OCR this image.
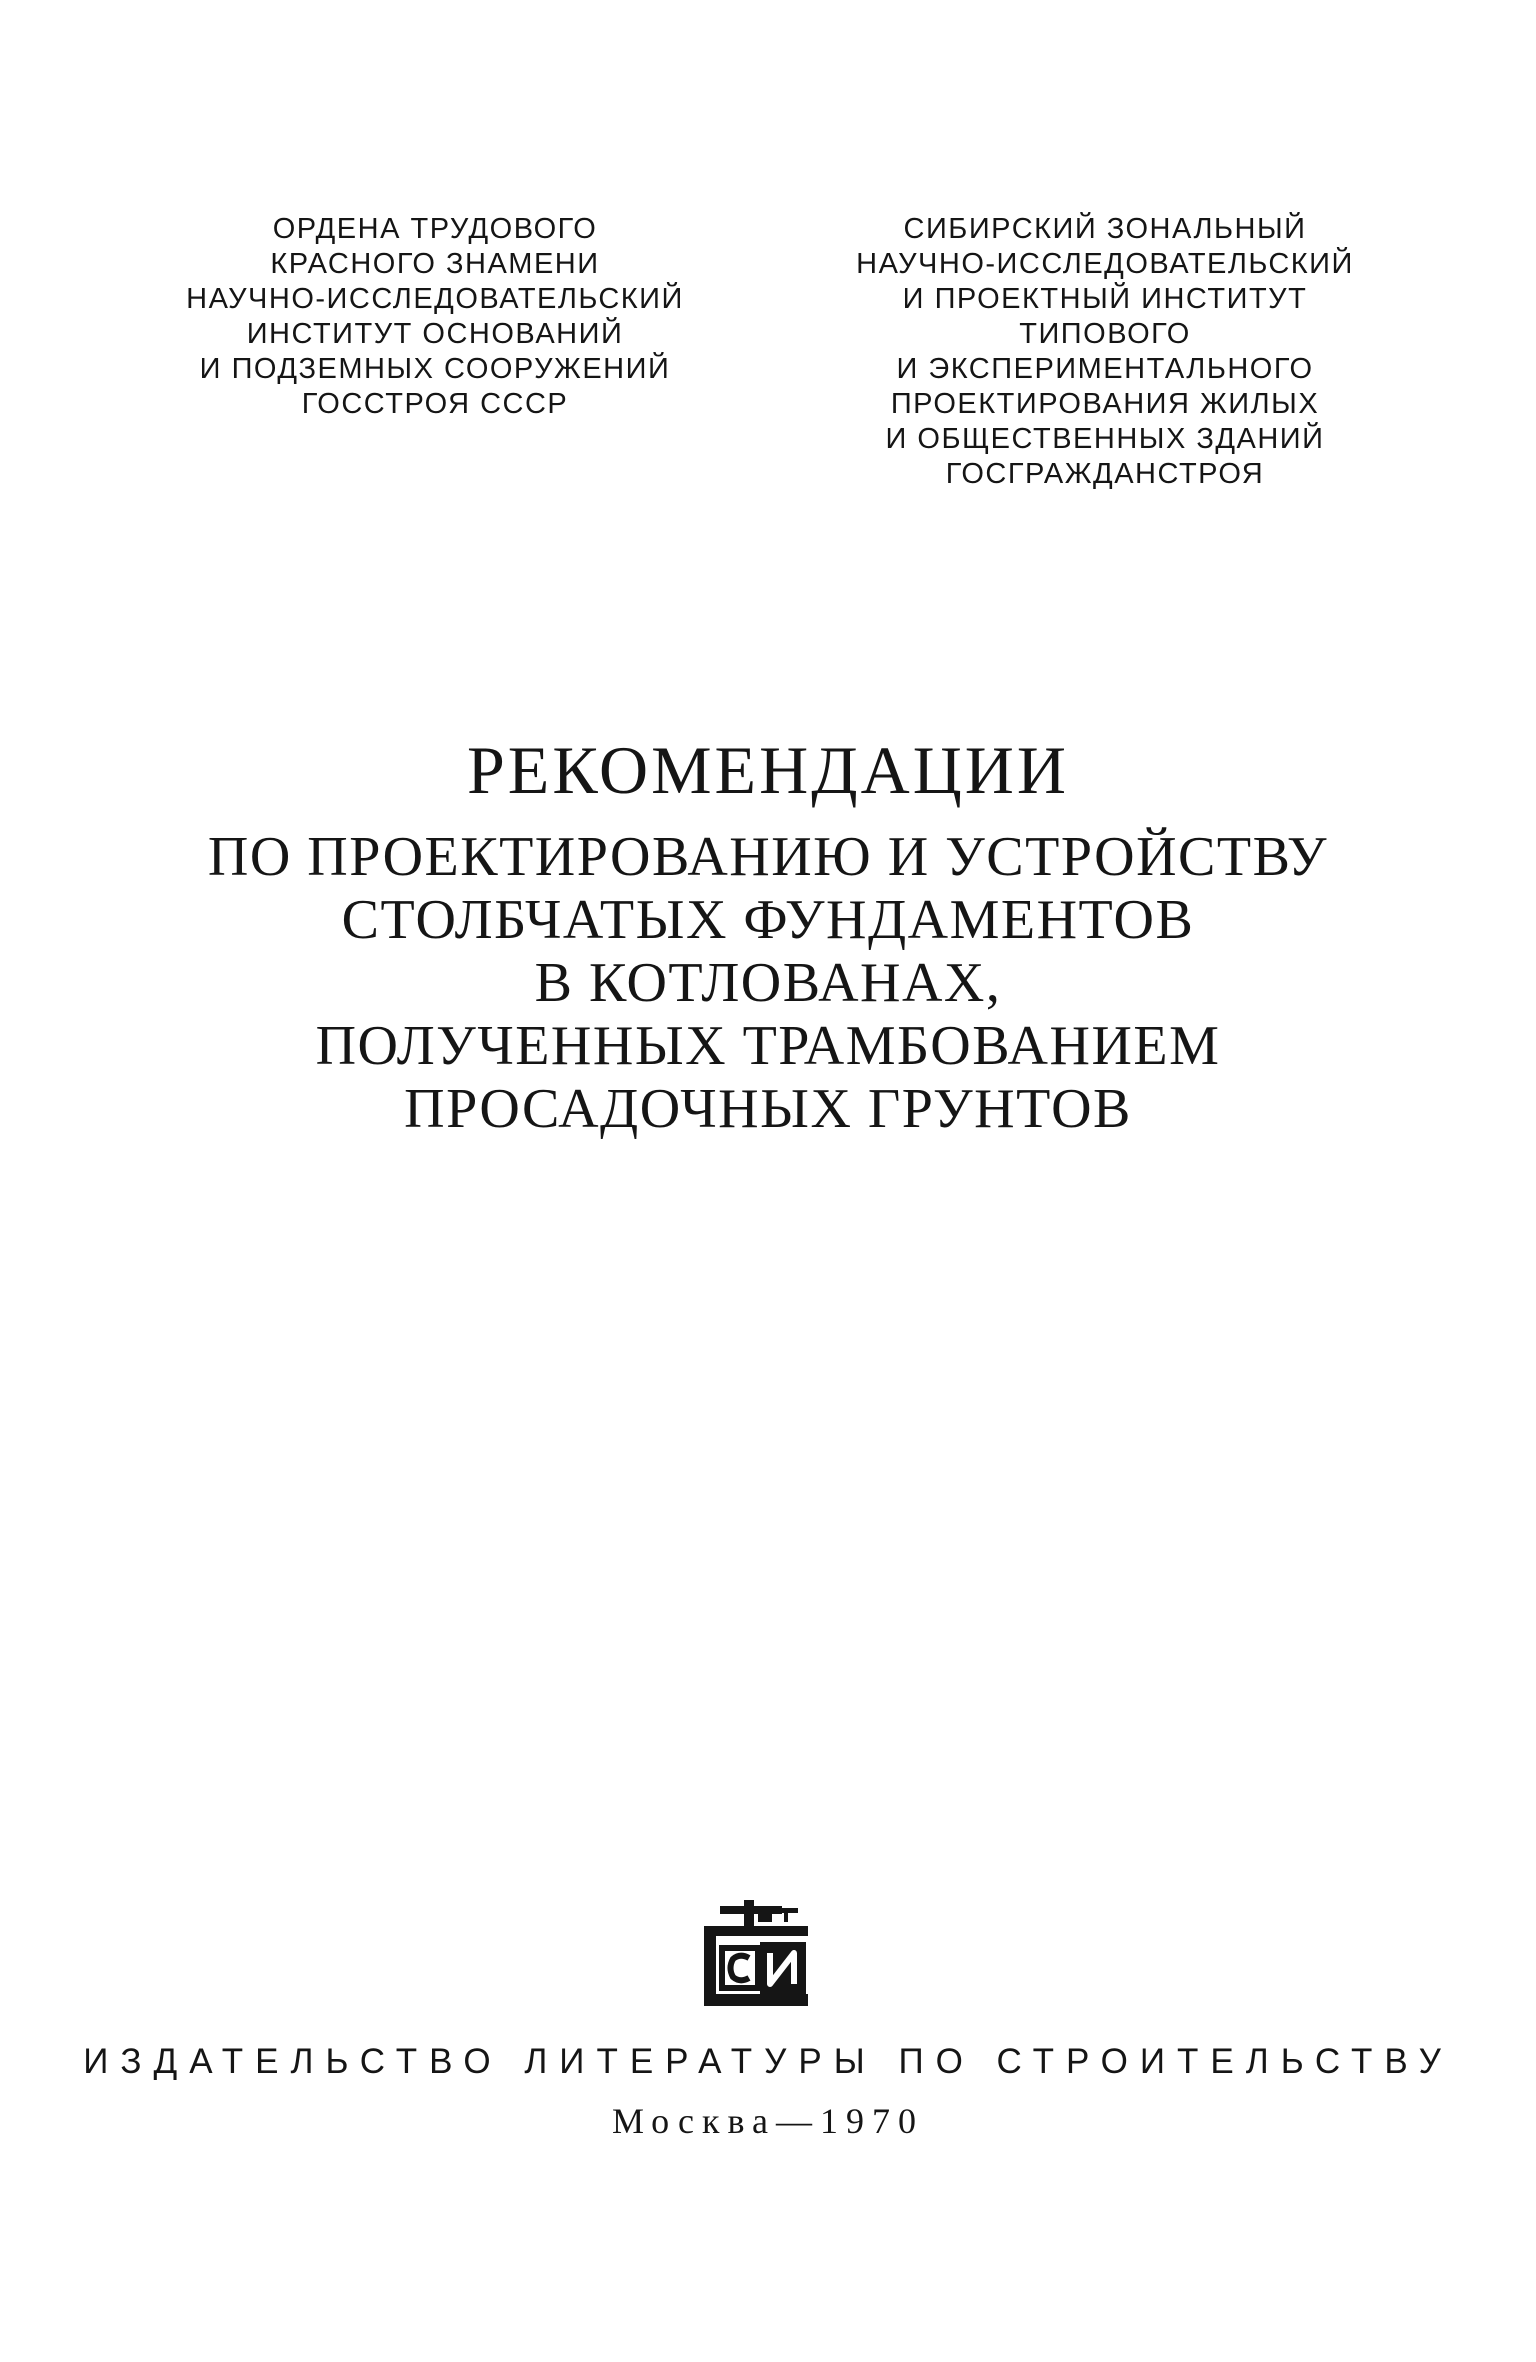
ОРДЕНА ТРУДОВОГО
КРАСНОГО ЗНАМЕНИ
НАУЧНО-ИССЛЕДОВАТЕЛЬСКИЙ
ИНСТИТУТ ОСНОВАНИЙ
И ПОДЗЕМНЫХ СООРУЖЕНИЙ
ГОССТРОЯ СССР
СИБИРСКИЙ ЗОНАЛЬНЫЙ
НАУЧНО-ИССЛЕДОВАТЕЛЬСКИЙ
И ПРОЕКТНЫЙ ИНСТИТУТ
ТИПОВОГО
И ЭКСПЕРИМЕНТАЛЬНОГО
ПРОЕКТИРОВАНИЯ ЖИЛЫХ
И ОБЩЕСТВЕННЫХ ЗДАНИЙ
ГОСГРАЖДАНСТРОЯ
РЕКОМЕНДАЦИИ
ПО ПРОЕКТИРОВАНИЮ И УСТРОЙСТВУ
СТОЛБЧАТЫХ ФУНДАМЕНТОВ
В КОТЛОВАНАХ,
ПОЛУЧЕННЫХ ТРАМБОВАНИЕМ
ПРОСАДОЧНЫХ ГРУНТОВ
ИЗДАТЕЛЬСТВО ЛИТЕРАТУРЫ ПО СТРОИТЕЛЬСТВУ
Москва—1970
